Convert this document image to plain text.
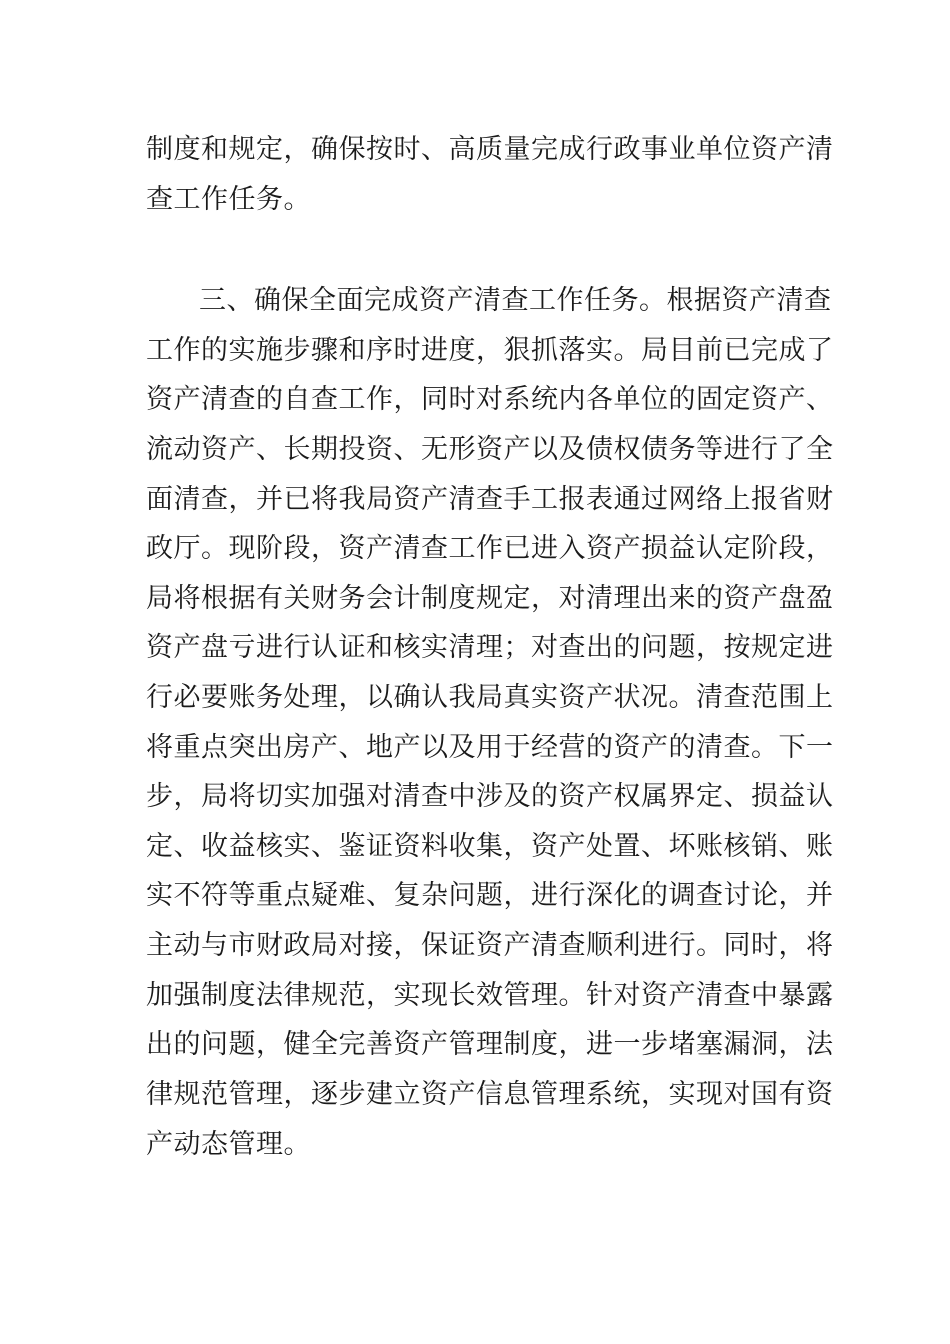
制度和规定，确保按时、高质量完成行政事业单位资产清
查工作任务。
三、确保全面完成资产清查工作任务。根据资产清查
工作的实施步骤和序时进度，狠抓落实。局目前已完成了
资产清查的自查工作，同时对系统内各单位的固定资产、
流动资产、长期投资、无形资产以及债权债务等进行了全
面清查，并已将我局资产清查手工报表通过网络上报省财
政厅。现阶段，资产清查工作已进入资产损益认定阶段，
局将根据有关财务会计制度规定，对清理出来的资产盘盈
资产盘亏进行认证和核实清理；对查出的问题，按规定进
行必要账务处理，以确认我局真实资产状况。清查范围上
将重点突出房产、地产以及用于经营的资产的清查。下一
步，局将切实加强对清查中涉及的资产权属界定、损益认
定、收益核实、鉴证资料收集，资产处置、坏账核销、账
实不符等重点疑难、复杂问题，进行深化的调查讨论，并
主动与市财政局对接，保证资产清查顺利进行。同时，将
加强制度法律规范，实现长效管理。针对资产清查中暴露
出的问题，健全完善资产管理制度，进一步堵塞漏洞，法
律规范管理，逐步建立资产信息管理系统，实现对国有资
产动态管理。
